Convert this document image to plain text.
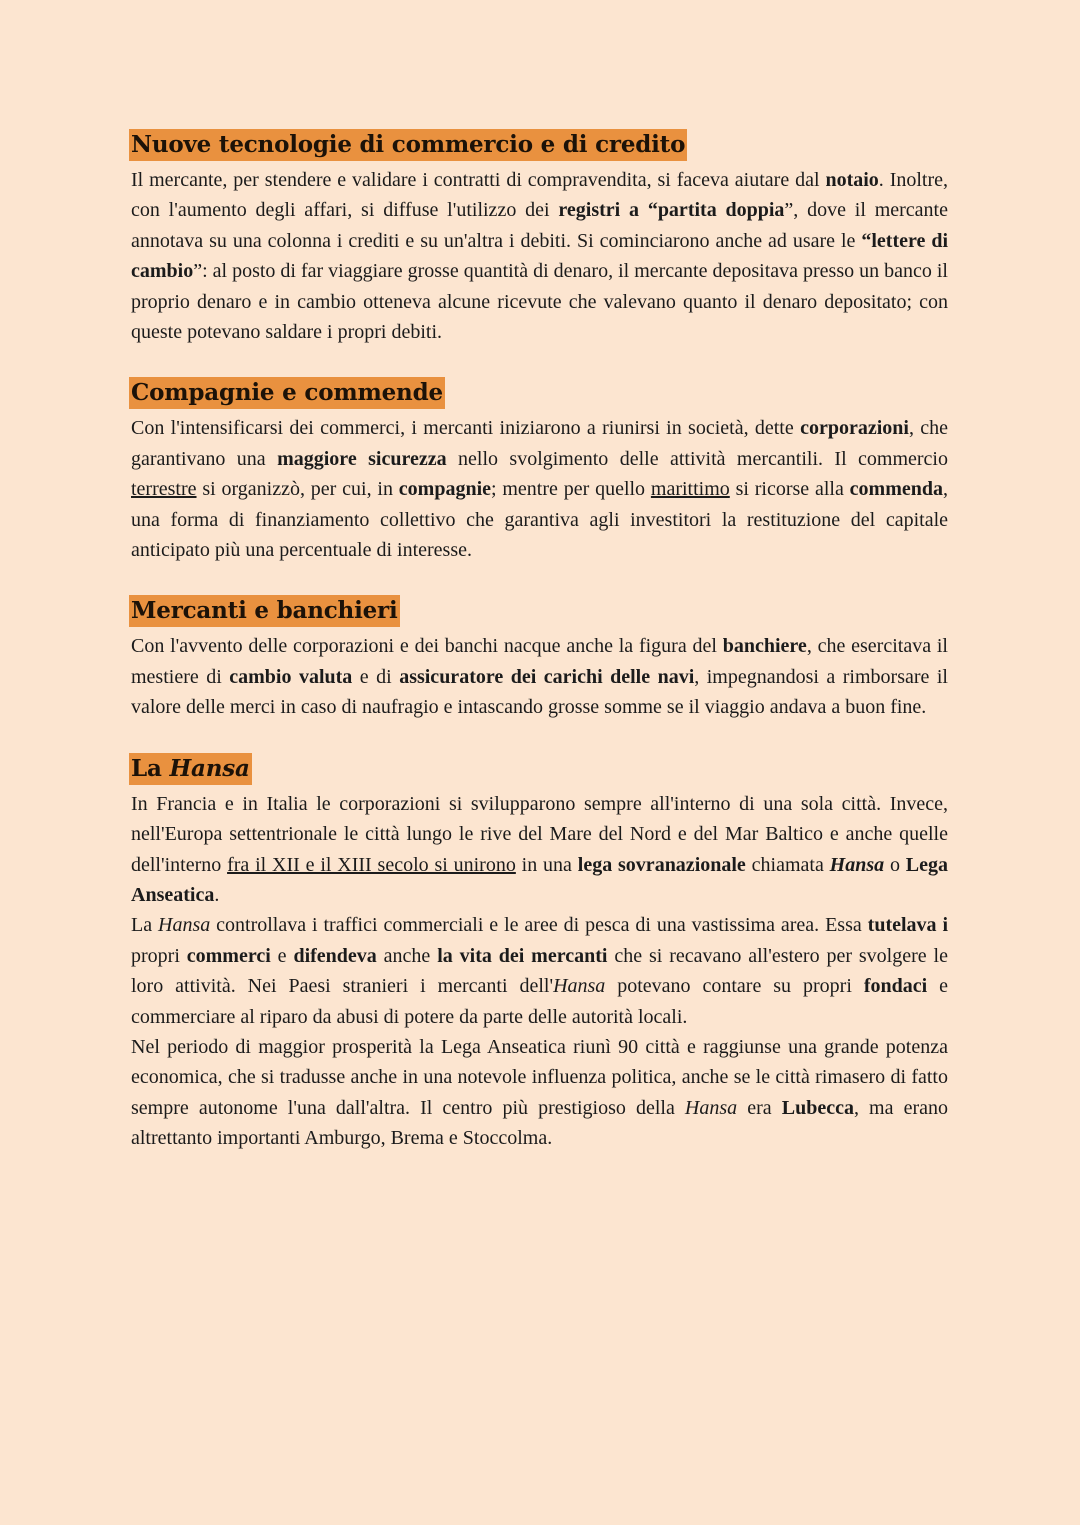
Nuove tecnologie di commercio e di credito

Il mercante, per stendere e validare i contratti di compravendita, si faceva aiutare dal notaio. Inoltre, con l'aumento degli affari, si diffuse l'utilizzo dei registri a “partita doppia”, dove il mercante annotava su una colonna i crediti e su un'altra i debiti. Si cominciarono anche ad usare le “lettere di cambio”: al posto di far viaggiare grosse quantità di denaro, il mercante depositava presso un banco il proprio denaro e in cambio otteneva alcune ricevute che valevano quanto il denaro depositato; con queste potevano saldare i propri debiti.

Compagnie e commende

Con l'intensificarsi dei commerci, i mercanti iniziarono a riunirsi in società, dette corporazioni, che garantivano una maggiore sicurezza nello svolgimento delle attività mercantili. Il commercio terrestre si organizzò, per cui, in compagnie; mentre per quello marittimo si ricorse alla commenda, una forma di finanziamento collettivo che garantiva agli investitori la restituzione del capitale anticipato più una percentuale di interesse.

Mercanti e banchieri

Con l'avvento delle corporazioni e dei banchi nacque anche la figura del banchiere, che esercitava il mestiere di cambio valuta e di assicuratore dei carichi delle navi, impegnandosi a rimborsare il valore delle merci in caso di naufragio e intascando grosse somme se il viaggio andava a buon fine.

La Hansa

In Francia e in Italia le corporazioni si svilupparono sempre all'interno di una sola città. Invece, nell'Europa settentrionale le città lungo le rive del Mare del Nord e del Mar Baltico e anche quelle dell'interno fra il XII e il XIII secolo si unirono in una lega sovranazionale chiamata Hansa o Lega Anseatica.

La Hansa controllava i traffici commerciali e le aree di pesca di una vastissima area. Essa tutelava i propri commerci e difendeva anche la vita dei mercanti che si recavano all'estero per svolgere le loro attività. Nei Paesi stranieri i mercanti dell'Hansa potevano contare su propri fondaci e commerciare al riparo da abusi di potere da parte delle autorità locali.

Nel periodo di maggior prosperità la Lega Anseatica riunì 90 città e raggiunse una grande potenza economica, che si tradusse anche in una notevole influenza politica, anche se le città rimasero di fatto sempre autonome l'una dall'altra. Il centro più prestigioso della Hansa era Lubecca, ma erano altrettanto importanti Amburgo, Brema e Stoccolma.
